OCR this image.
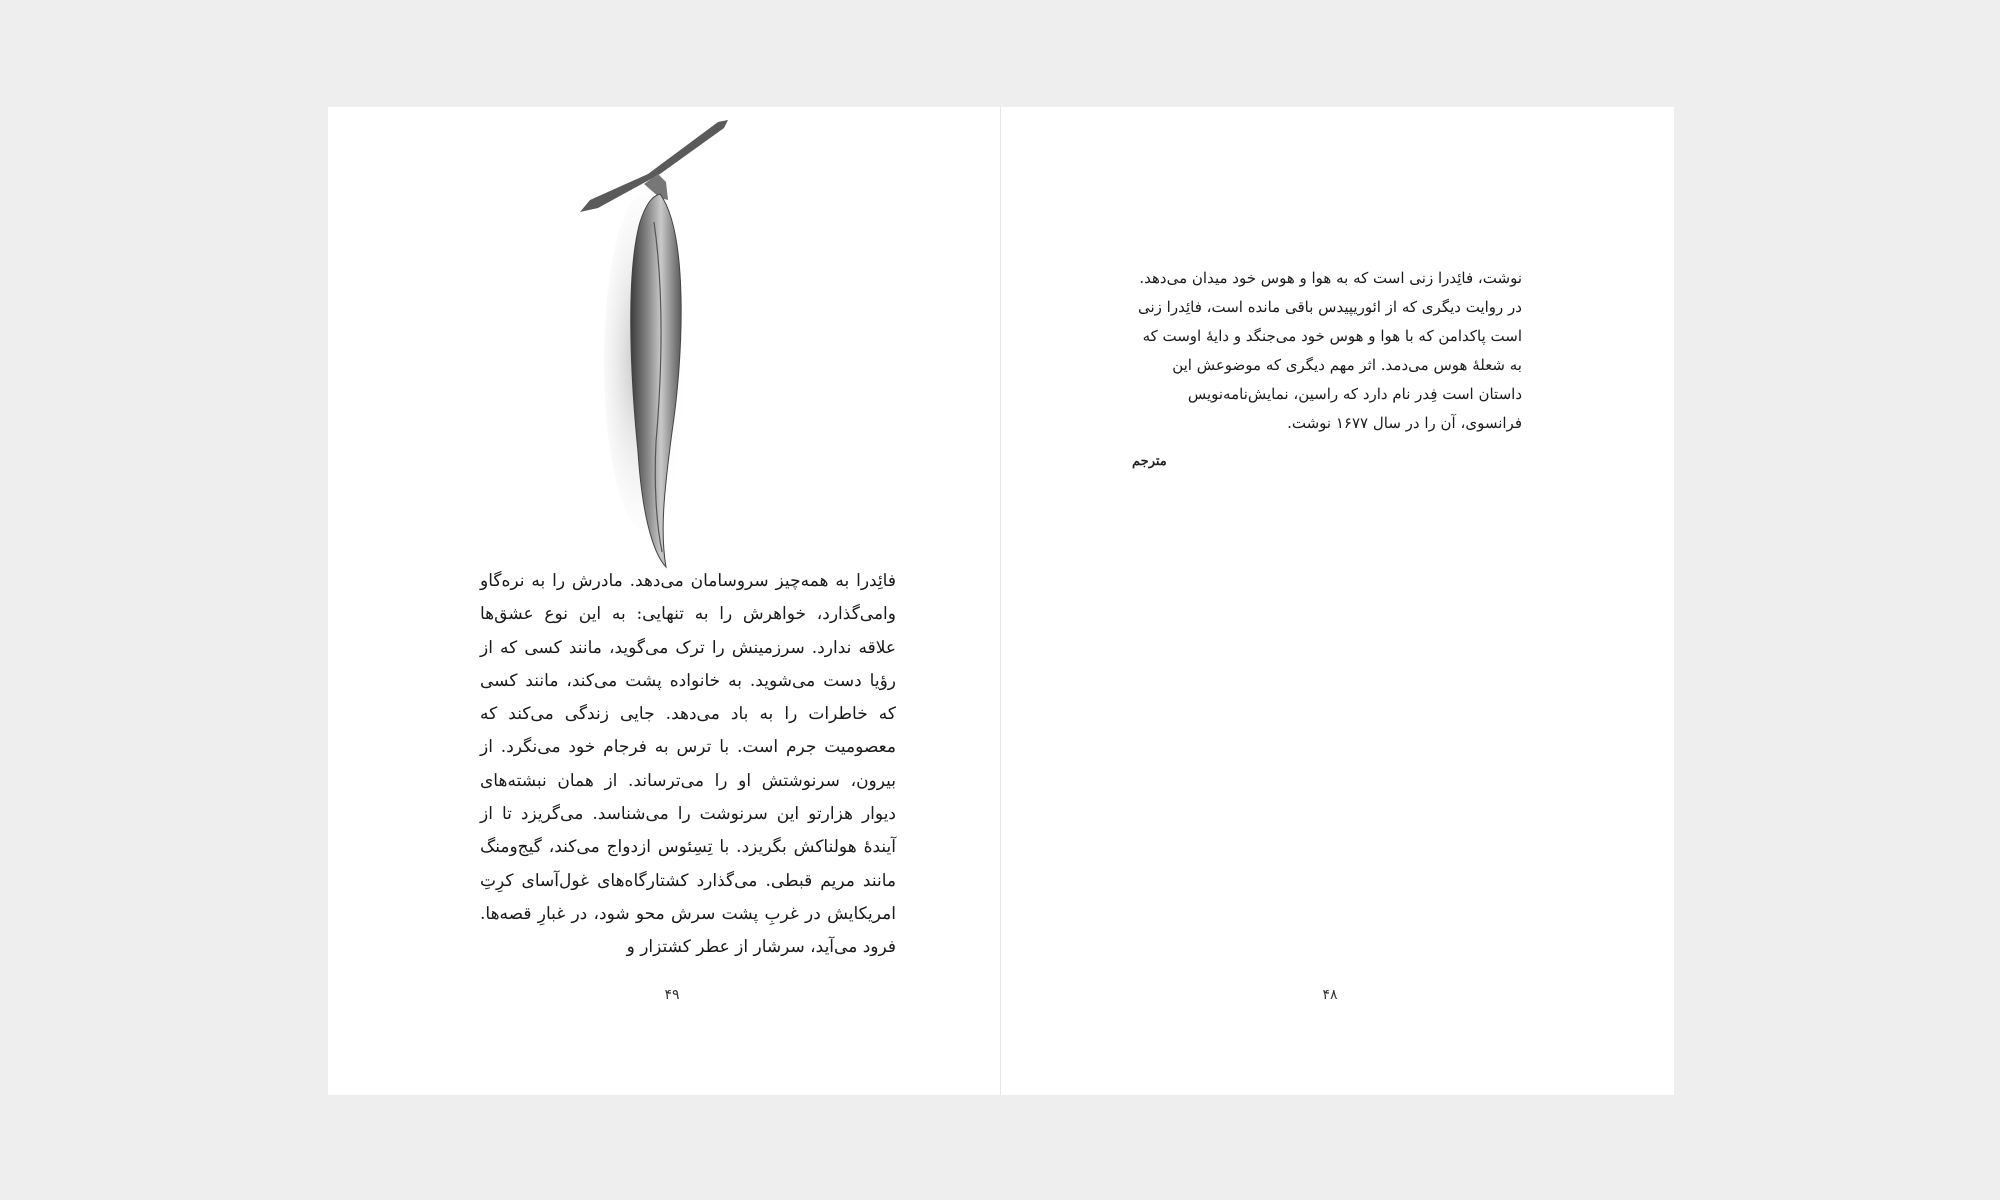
فائِدرا به همه‌چیز سروسامان می‌دهد. مادرش را به نره‌گاو وامی‌گذارد، خواهرش را به تنهایی: به این نوع عشق‌ها علاقه ندارد. سرزمینش را ترک می‌گوید، مانند کسی که از رؤیا دست می‌شوید. به خانواده پشت می‌کند، مانند کسی که خاطرات را به باد می‌دهد. جایی زندگی می‌کند که معصومیت جرم است. با ترس به فرجام خود می‌نگرد. از بیرون، سرنوشتش او را می‌ترساند. از همان نبشته‌های دیوار هزارتو این سرنوشت را می‌شناسد. می‌گریزد تا از آیندهٔ هولناکش بگریزد. با تِسِئوس ازدواج می‌کند، گیج‌ومنگ مانند مریم قبطی. می‌گذارد کشتارگاه‌های غول‌آسای کرِتِ امریکایش در غربِ پشت سرش محو شود، در غبارِ قصه‌ها. فرود می‌آید، سرشار از عطر کشتزار و
۴۹
نوشت، فائِدرا زنی است که به هوا و هوس خود میدان می‌دهد. در روایت دیگری که از ائوریپیدس باقی مانده است، فائِدرا زنی است پاکدامن که با هوا و هوس خود می‌جنگد و دایهٔ اوست که به شعلهٔ هوس می‌دمد. اثر مهم دیگری که موضوعش این داستان است فِدر نام دارد که راسین، نمایش‌نامه‌نویس فرانسوی، آن را در سال ۱۶۷۷ نوشت.
مترجم
۴۸
